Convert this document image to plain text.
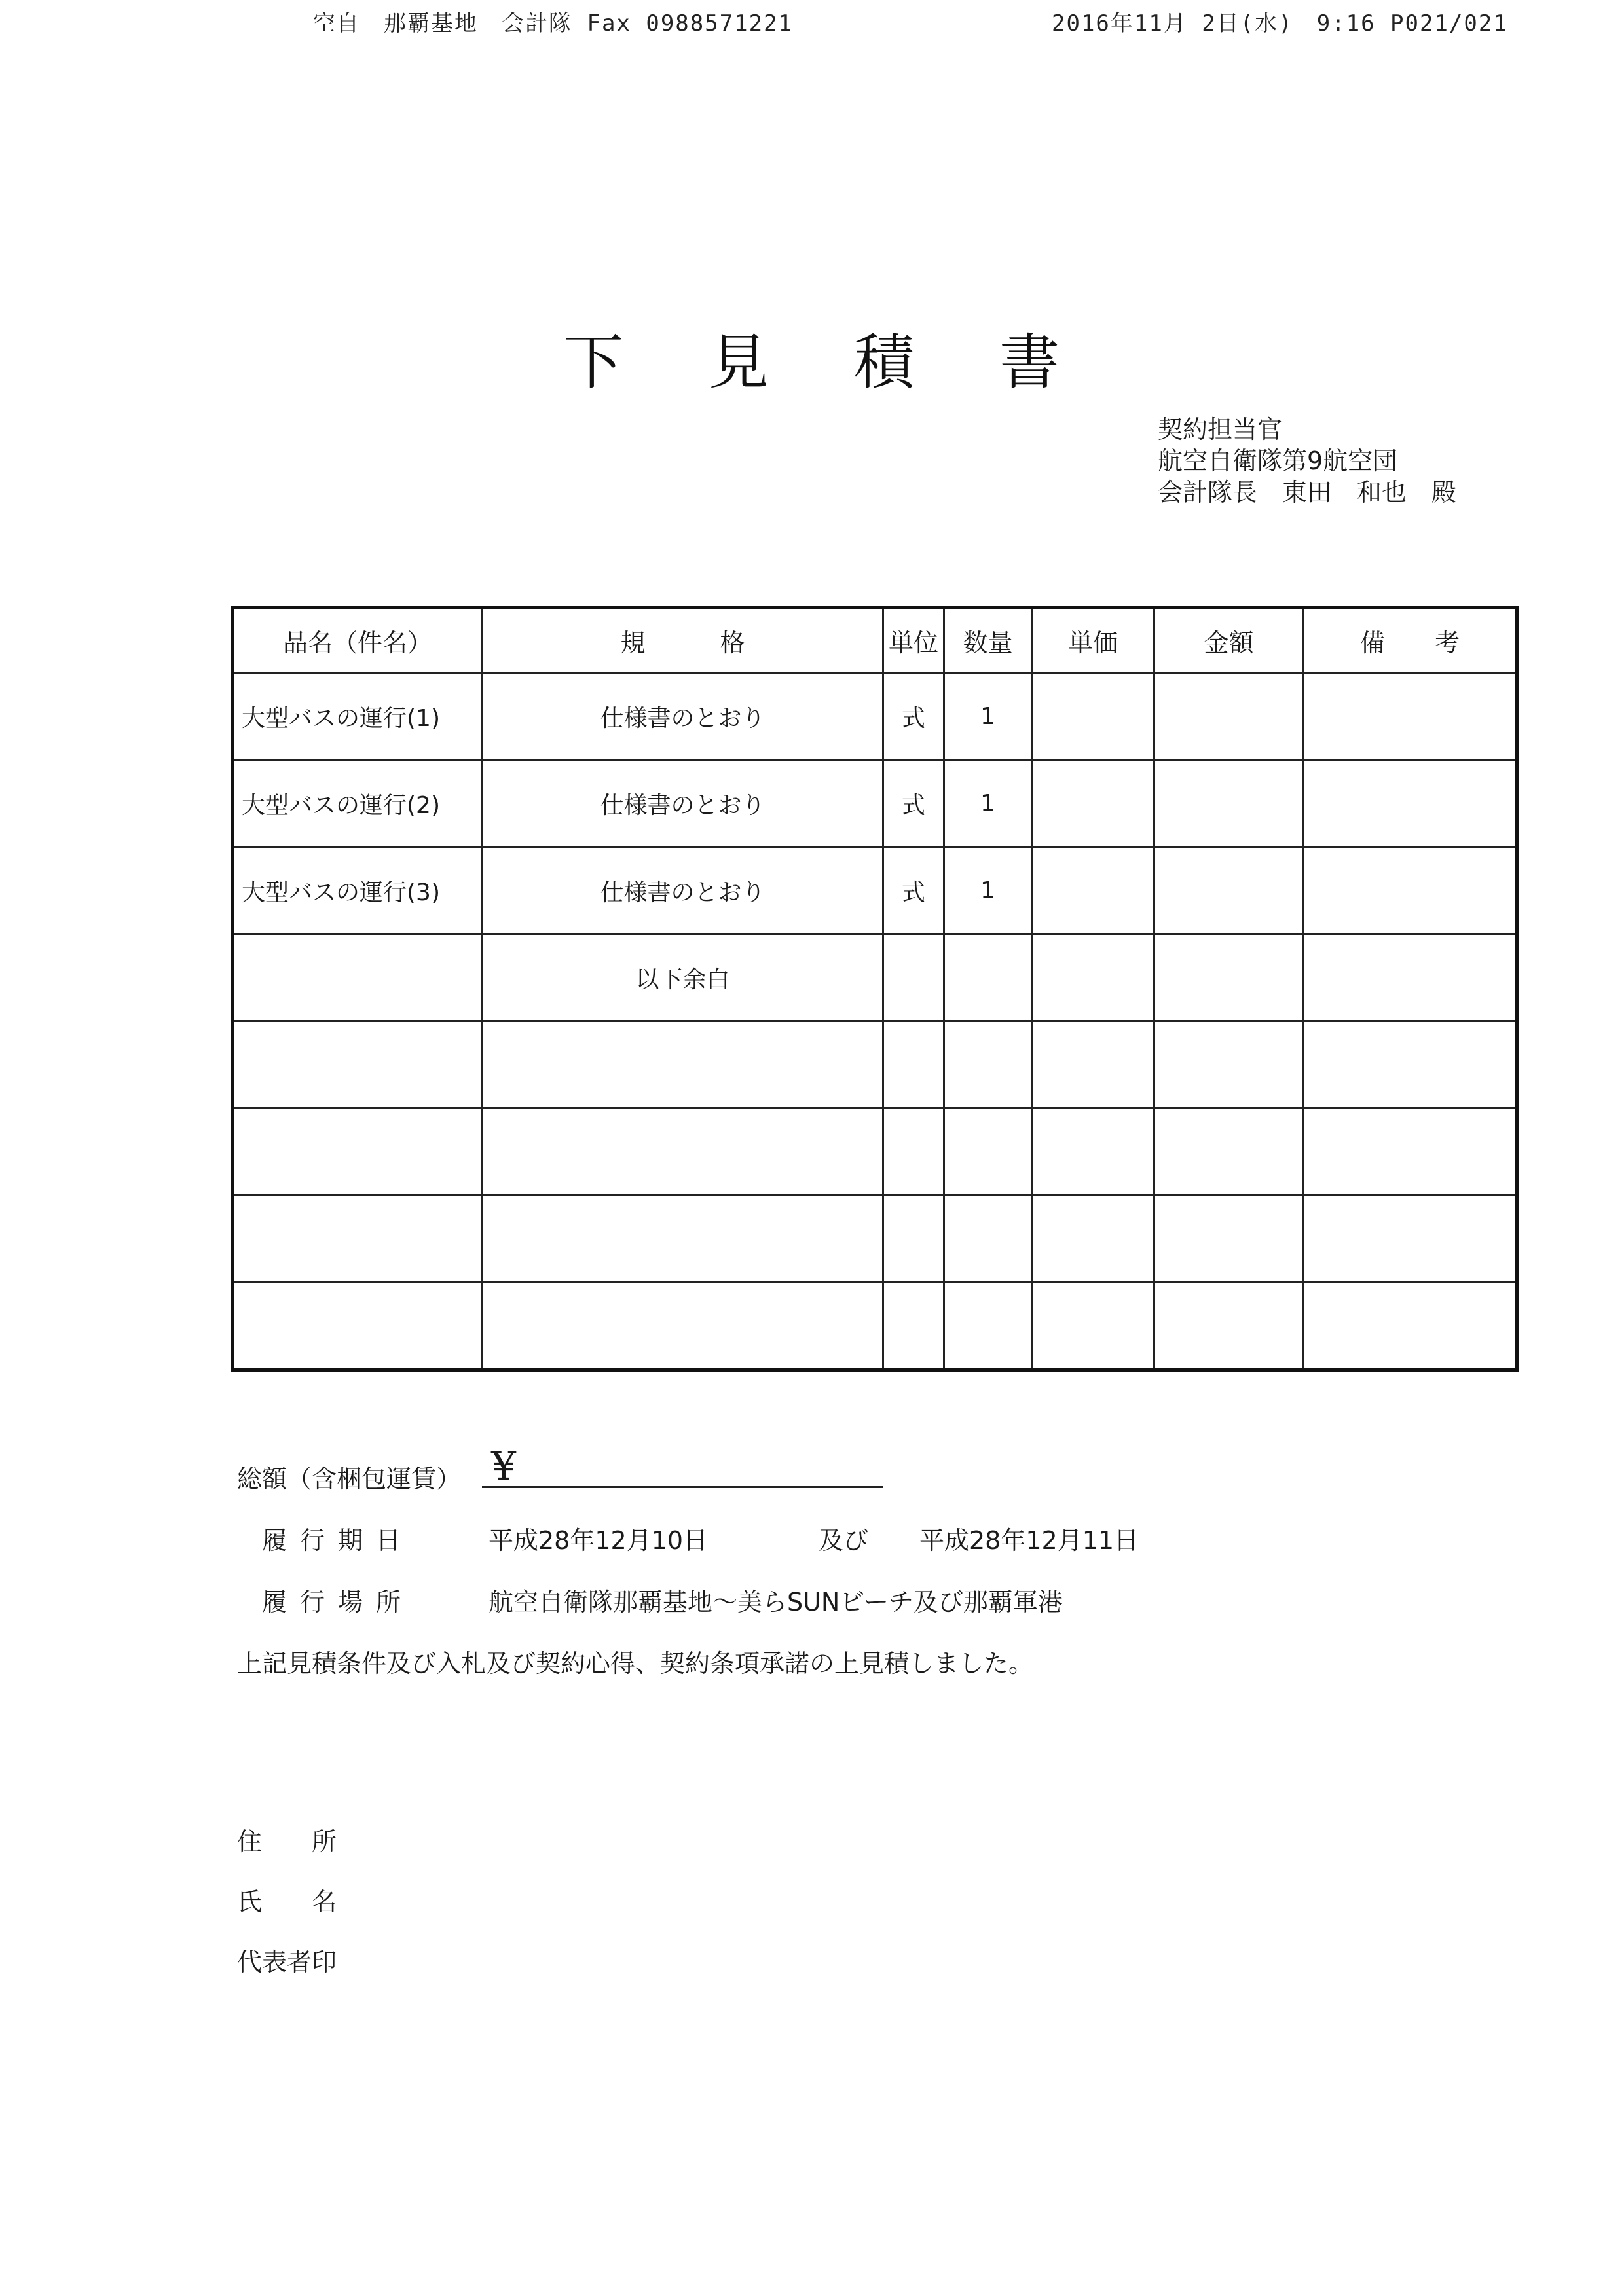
空自　那覇基地　会計隊 Fax 0988571221	2016年11月 2日(水)　9:16 P021/021
下見積書
契約担当官
航空自衛隊第9航空団
会計隊長　東田　和也　殿
品名（件名）	規　　　格	単位	数量	単価	金額	備　　考
大型バスの運行(1)	仕様書のとおり	式	1			
大型バスの運行(2)	仕様書のとおり	式	1			
大型バスの運行(3)	仕様書のとおり	式	1			
	以下余白					

総額（含梱包運賃） ¥
履行期日	平成28年12月10日	及び 平成28年12月11日
履行場所	航空自衛隊那覇基地〜美らSUNビーチ及び那覇軍港
上記見積条件及び入札及び契約心得、契約条項承諾の上見積しました。
住　　所
氏　　名
代表者印
